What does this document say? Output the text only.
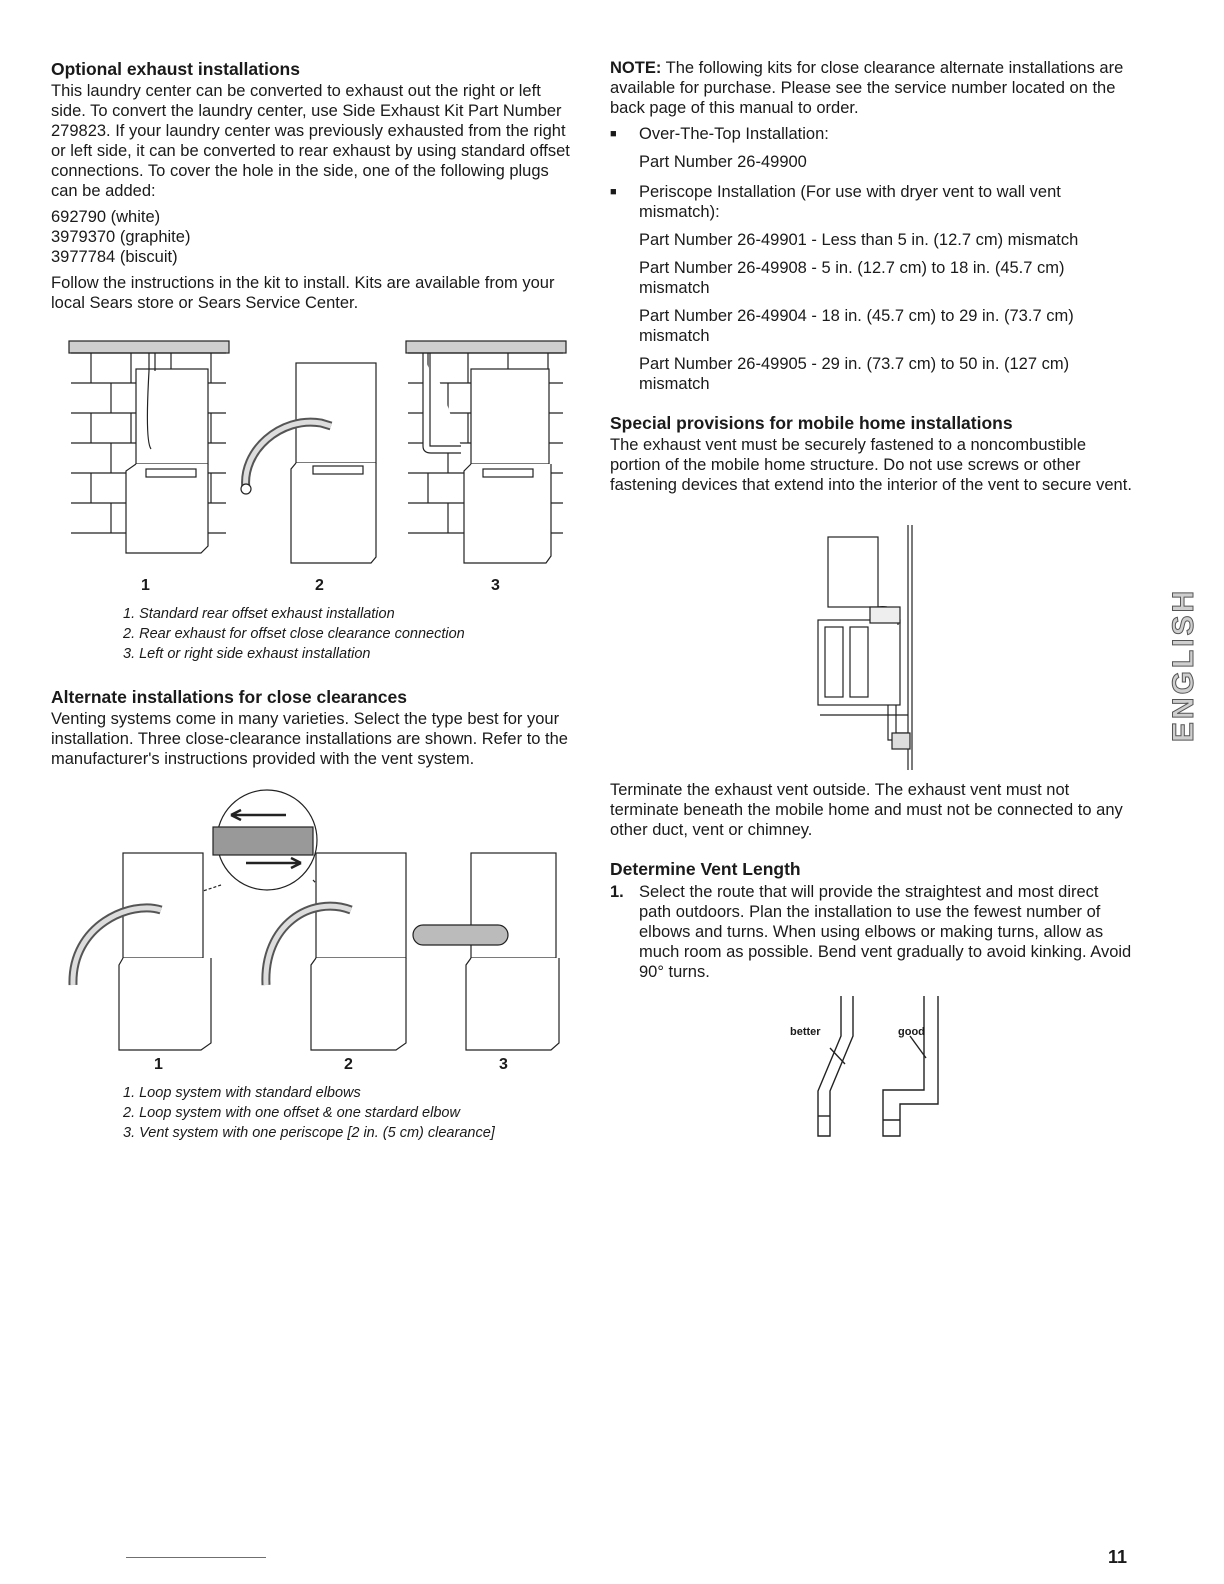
Optional exhaust installations

This laundry center can be converted to exhaust out the right or left side. To convert the laundry center, use Side Exhaust Kit Part Number 279823. If your laundry center was previously exhausted from the right or left side, it can be converted to rear exhaust by using standard offset connections. To cover the hole in the side, one of the following plugs can be added:

692790 (white)
3979370 (graphite)
3977784 (biscuit)

Follow the instructions in the kit to install. Kits are available from your local Sears store or Sears Service Center.

1	2	3
1. Standard rear offset exhaust installation
2. Rear exhaust for offset close clearance connection
3. Left or right side exhaust installation
Alternate installations for close clearances

Venting systems come in many varieties. Select the type best for your installation. Three close-clearance installations are shown. Refer to the manufacturer's instructions provided with the vent system.

1	2	3
1. Loop system with standard elbows
2. Loop system with one offset & one stardard elbow
3. Vent system with one periscope [2 in. (5 cm) clearance]

NOTE: The following kits for close clearance alternate installations are available for purchase. Please see the service number located on the back page of this manual to order.

■	Over-The-Top Installation:
Part Number 26-49900
■	Periscope Installation (For use with dryer vent to wall vent mismatch):
Part Number 26-49901 - Less than 5 in. (12.7 cm) mismatch
Part Number 26-49908 - 5 in. (12.7 cm) to 18 in. (45.7 cm) mismatch
Part Number 26-49904 - 18 in. (45.7 cm) to 29 in. (73.7 cm) mismatch
Part Number 26-49905 - 29 in. (73.7 cm) to 50 in. (127 cm) mismatch
Special provisions for mobile home installations

The exhaust vent must be securely fastened to a noncombustible portion of the mobile home structure. Do not use screws or other fastening devices that extend into the interior of the vent to secure vent.

Terminate the exhaust vent outside. The exhaust vent must not terminate beneath the mobile home and must not be connected to any other duct, vent or chimney.

Determine Vent Length
1. Select the route that will provide the straightest and most direct path outdoors. Plan the installation to use the fewest number of elbows and turns. When using elbows or making turns, allow as much room as possible. Bend vent gradually to avoid kinking. Avoid 90° turns.
better	good
ENGLISH
11
